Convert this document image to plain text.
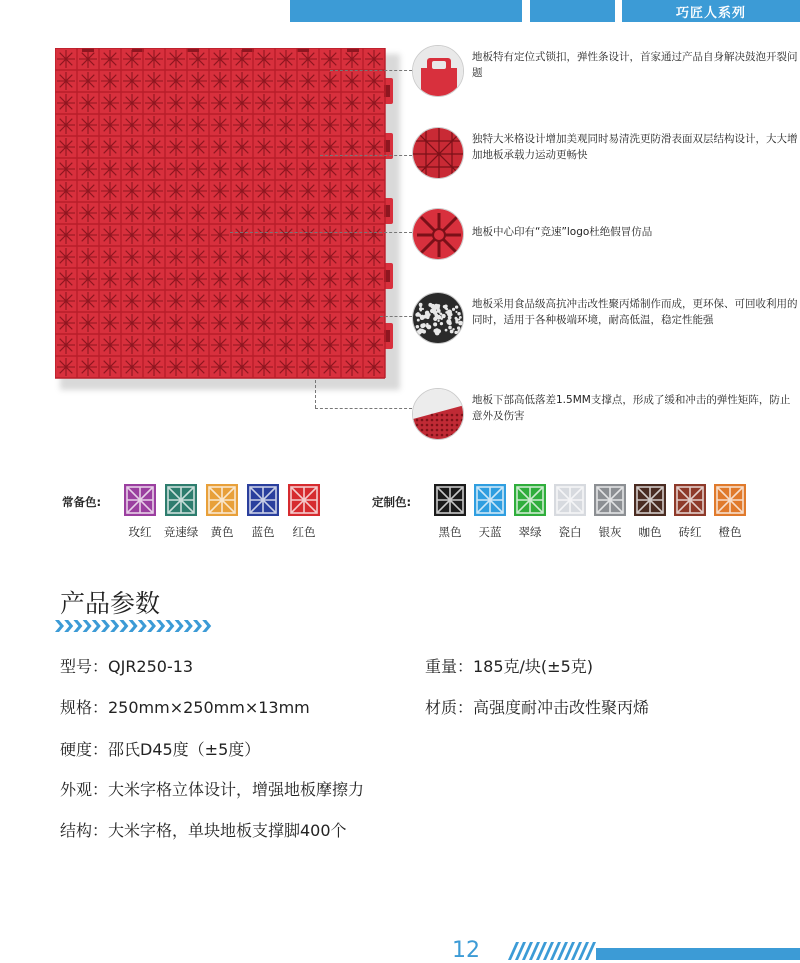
巧匠人系列
地板特有定位式锁扣，弹性条设计，首家通过产品自身解决鼓泡开裂问题
独特大米格设计增加美观同时易清洗更防滑表面双层结构设计，大大增加地板承载力运动更畅快
地板中心印有“竞速”logo杜绝假冒仿品
地板采用食品级高抗冲击改性聚丙烯制作而成，更环保、可回收利用的同时，适用于各种极端环境，耐高低温，稳定性能强
地板下部高低落差1.5MM支撑点，形成了缓和冲击的弹性矩阵，防止意外及伤害
常备色:
玫红	竞速绿	黄色	蓝色	红色
定制色:
黑色	天蓝	翠绿	瓷白	银灰	咖色	砖红	橙色
产品参数
型号：QJR250-13	重量：185克/块(±5克)
规格：250mm×250mm×13mm	材质：高强度耐冲击改性聚丙烯
硬度：邵氏D45度（±5度）
外观：大米字格立体设计，增强地板摩擦力
结构：大米字格，单块地板支撑脚400个
12
